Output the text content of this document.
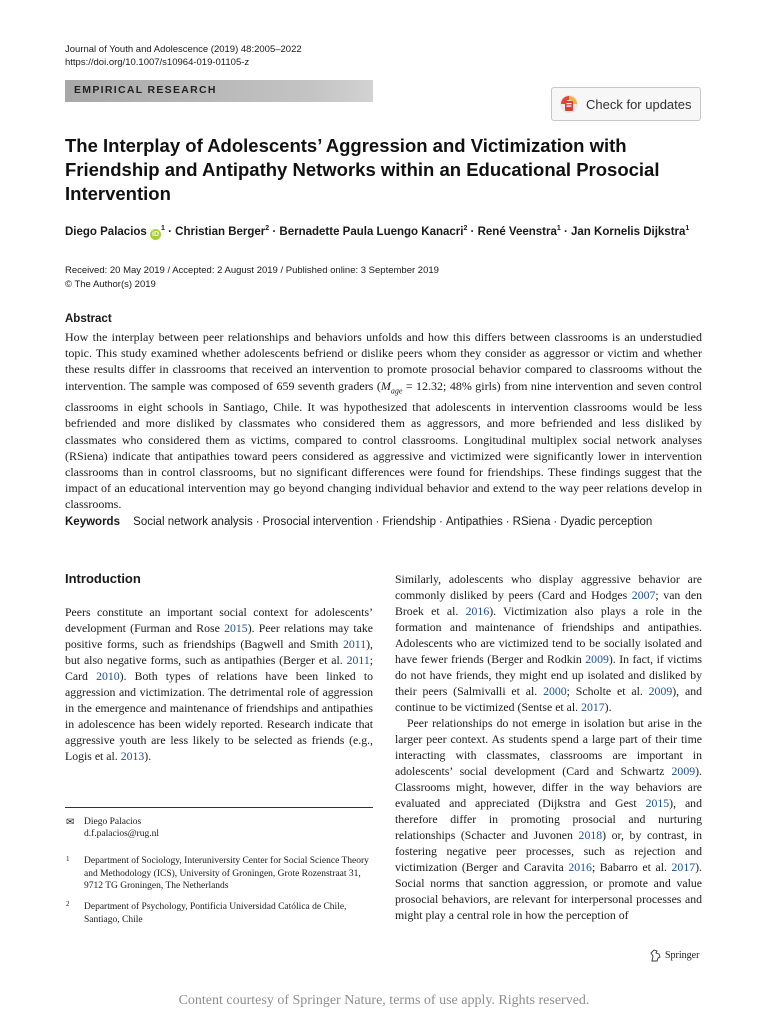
Journal of Youth and Adolescence (2019) 48:2005–2022
https://doi.org/10.1007/s10964-019-01105-z
EMPIRICAL RESEARCH
Check for updates
The Interplay of Adolescents’ Aggression and Victimization with Friendship and Antipathy Networks within an Educational Prosocial Intervention
Diego Palacios $iD^1$ · Christian Berger$^2$ · Bernadette Paula Luengo Kanacri$^2$ · René Veenstra$^1$ · Jan Kornelis Dijkstra$^1$
Received: 20 May 2019 / Accepted: 2 August 2019 / Published online: 3 September 2019
© The Author(s) 2019
Abstract
How the interplay between peer relationships and behaviors unfolds and how this differs between classrooms is an understudied topic. This study examined whether adolescents befriend or dislike peers whom they consider as aggressor or victim and whether these results differ in classrooms that received an intervention to promote prosocial behavior compared to classrooms without the intervention. The sample was composed of 659 seventh graders ($M_{age} = 12.32$; 48% girls) from nine intervention and seven control classrooms in eight schools in Santiago, Chile. It was hypothesized that adolescents in intervention classrooms would be less befriended and more disliked by classmates who considered them as aggressors, and more befriended and less disliked by classmates who considered them as victims, compared to control classrooms. Longitudinal multiplex social network analyses (RSiena) indicate that antipathies toward peers considered as aggressive and victimized were significantly lower in intervention classrooms than in control classrooms, but no significant differences were found for friendships. These findings suggest that the impact of an educational intervention may go beyond changing individual behavior and extend to the way peer relations develop in classrooms.
Keywords Social network analysis · Prosocial intervention · Friendship · Antipathies · RSiena · Dyadic perception
Introduction

Peers constitute an important social context for adolescents’ development (Furman and Rose 2015). Peer relations may take positive forms, such as friendships (Bagwell and Smith 2011), but also negative forms, such as antipathies (Berger et al. 2011; Card 2010). Both types of relations have been linked to aggression and victimization. The detrimental role of aggression in the emergence and maintenance of friendships and antipathies in adolescence has been widely reported. Research indicate that aggressive youth are less likely to be selected as friends (e.g., Logis et al. 2013).

Similarly, adolescents who display aggressive behavior are commonly disliked by peers (Card and Hodges 2007; van den Broek et al. 2016). Victimization also plays a role in the formation and maintenance of friendships and antipathies. Adolescents who are victimized tend to be socially isolated and have fewer friends (Berger and Rodkin 2009). In fact, if victims do not have friends, they might end up isolated and disliked by their peers (Salmivalli et al. 2000; Scholte et al. 2009), and continue to be victimized (Sentse et al. 2017).

Peer relationships do not emerge in isolation but arise in the larger peer context. As students spend a large part of their time interacting with classmates, classrooms are important in adolescents’ social development (Card and Schwartz 2009). Classrooms might, however, differ in the way behaviors are evaluated and appreciated (Dijkstra and Gest 2015), and therefore differ in promoting prosocial and nurturing relationships (Schacter and Juvonen 2018) or, by contrast, in fostering negative peer processes, such as rejection and victimization (Berger and Caravita 2016; Babarro et al. 2017). Social norms that sanction aggression, or promote and value prosocial behaviors, are relevant for interpersonal processes and might play a central role in how the perception of

✉ Diego Palacios
d.f.palacios@rug.nl
1 Department of Sociology, Interuniversity Center for Social Science Theory and Methodology (ICS), University of Groningen, Grote Rozenstraat 31, 9712 TG Groningen, The Netherlands
2 Department of Psychology, Pontificia Universidad Católica de Chile, Santiago, Chile
Springer
Content courtesy of Springer Nature, terms of use apply. Rights reserved.
